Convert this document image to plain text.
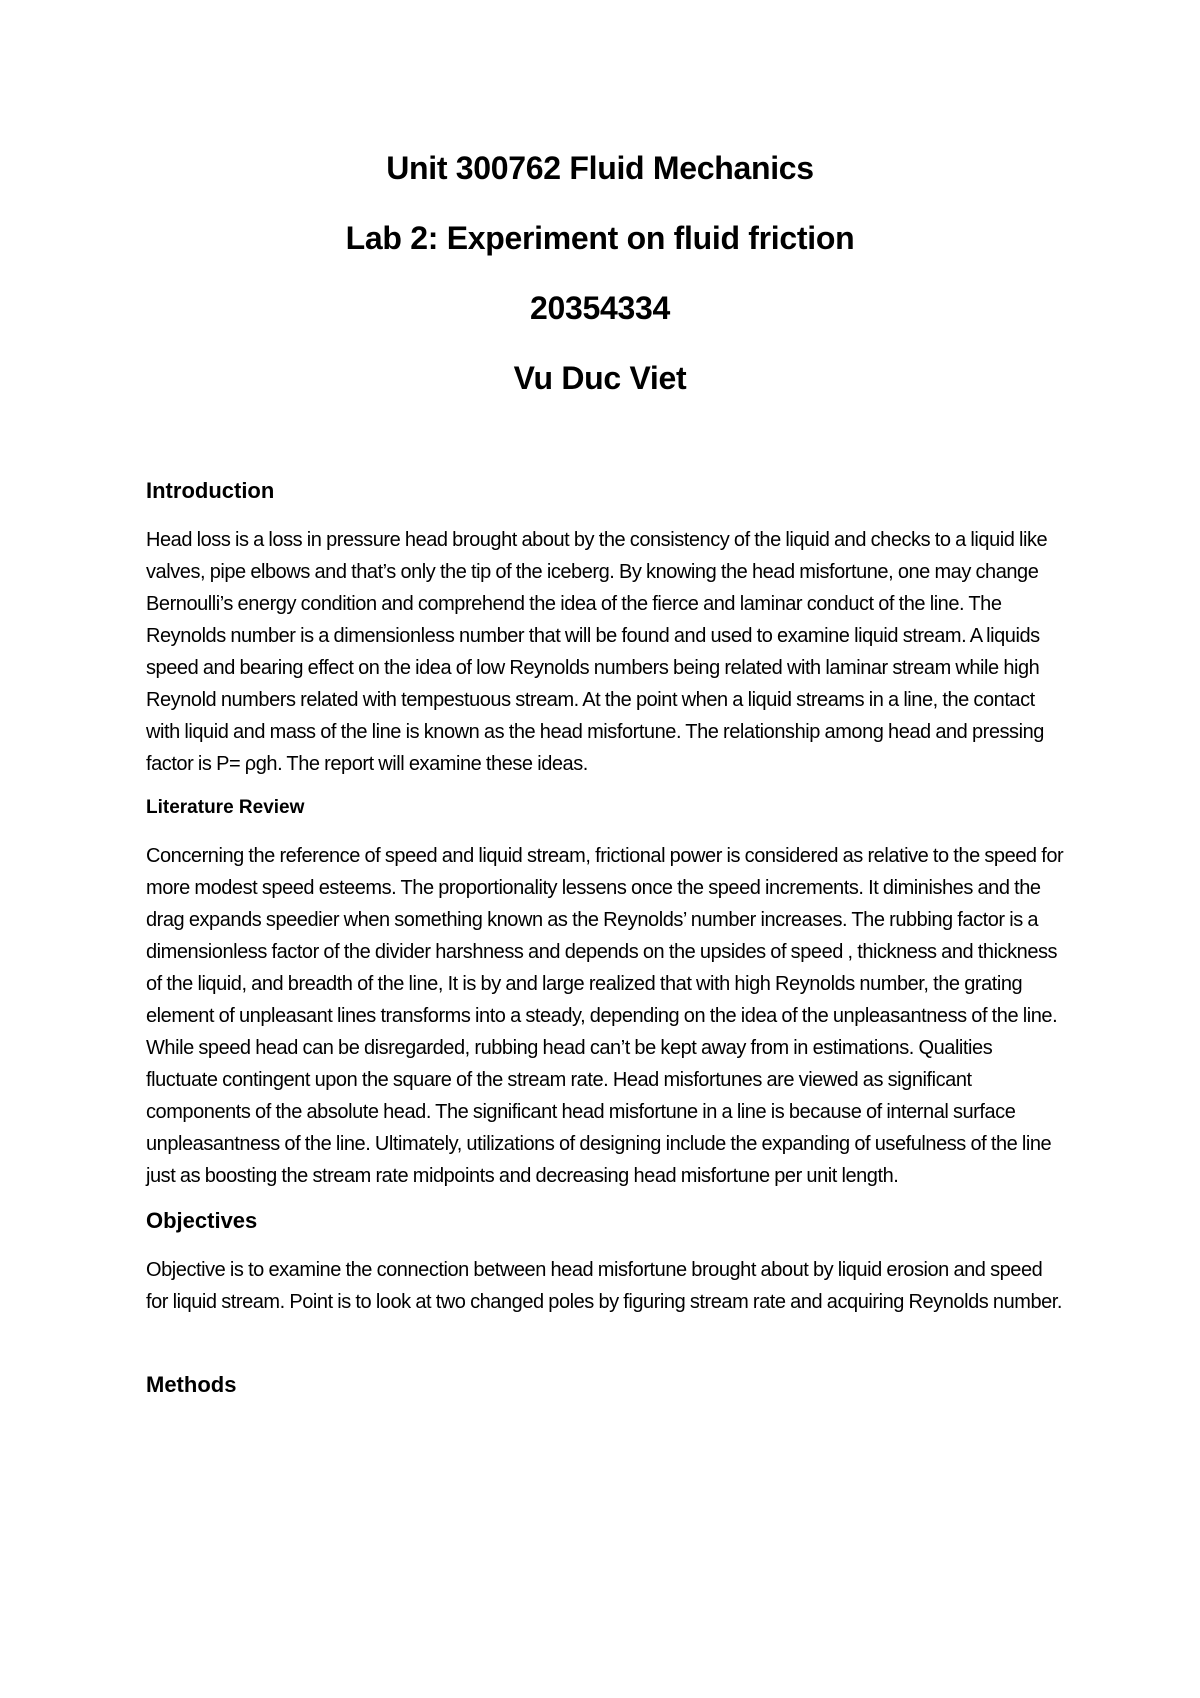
Unit 300762 Fluid Mechanics

Lab 2: Experiment on fluid friction

20354334

Vu Duc Viet

Introduction

Head loss is a loss in pressure head brought about by the consistency of the liquid and checks to a liquid like valves, pipe elbows and that’s only the tip of the iceberg. By knowing the head misfortune, one may change Bernoulli’s energy condition and comprehend the idea of the fierce and laminar conduct of the line. The Reynolds number is a dimensionless number that will be found and used to examine liquid stream. A liquids speed and bearing effect on the idea of low Reynolds numbers being related with laminar stream while high Reynold numbers related with tempestuous stream. At the point when a liquid streams in a line, the contact with liquid and mass of the line is known as the head misfortune. The relationship among head and pressing factor is P= ρgh. The report will examine these ideas.

Literature Review

Concerning the reference of speed and liquid stream, frictional power is considered as relative to the speed for more modest speed esteems. The proportionality lessens once the speed increments. It diminishes and the drag expands speedier when something known as the Reynolds’ number increases. The rubbing factor is a dimensionless factor of the divider harshness and depends on the upsides of speed , thickness and thickness of the liquid, and breadth of the line, It is by and large realized that with high Reynolds number, the grating element of unpleasant lines transforms into a steady, depending on the idea of the unpleasantness of the line. While speed head can be disregarded, rubbing head can’t be kept away from in estimations. Qualities fluctuate contingent upon the square of the stream rate. Head misfortunes are viewed as significant components of the absolute head. The significant head misfortune in a line is because of internal surface unpleasantness of the line. Ultimately, utilizations of designing include the expanding of usefulness of the line just as boosting the stream rate midpoints and decreasing head misfortune per unit length.

Objectives

Objective is to examine the connection between head misfortune brought about by liquid erosion and speed for liquid stream. Point is to look at two changed poles by figuring stream rate and acquiring Reynolds number.

Methods
